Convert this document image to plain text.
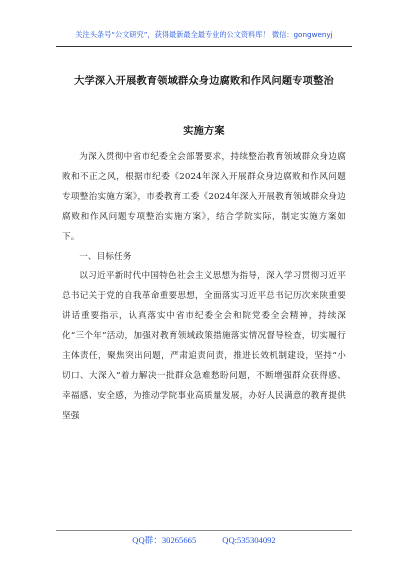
关注头条号“公文研究”，获得最新最全最专业的公文资料库！ 微信：gongwenyj
大学深入开展教育领域群众身边腐败和作风问题专项整治
实施方案

为深入贯彻中省市纪委全会部署要求，持续整治教育领域群众身边腐败和不正之风，根据市纪委《2024年深入开展群众身边腐败和作风问题专项整治实施方案》，市委教育工委《2024年深入开展教育领域群众身边腐败和作风问题专项整治实施方案》，结合学院实际，制定实施方案如下。

一、目标任务

以习近平新时代中国特色社会主义思想为指导，深入学习贯彻习近平总书记关于党的自我革命重要思想，全面落实习近平总书记历次来陕重要讲话重要指示，认真落实中省市纪委全会和院党委全会精神，持续深化“三个年”活动，加强对教育领域政策措施落实情况督导检查，切实履行主体责任，聚焦突出问题，严肃追责问责，推进长效机制建设，坚持“小切口、大深入”着力解决一批群众急难愁盼问题，不断增强群众获得感、幸福感、安全感，为推动学院事业高质量发展，办好人民满意的教育提供坚强

QQ群：30265665	QQ:535304092
